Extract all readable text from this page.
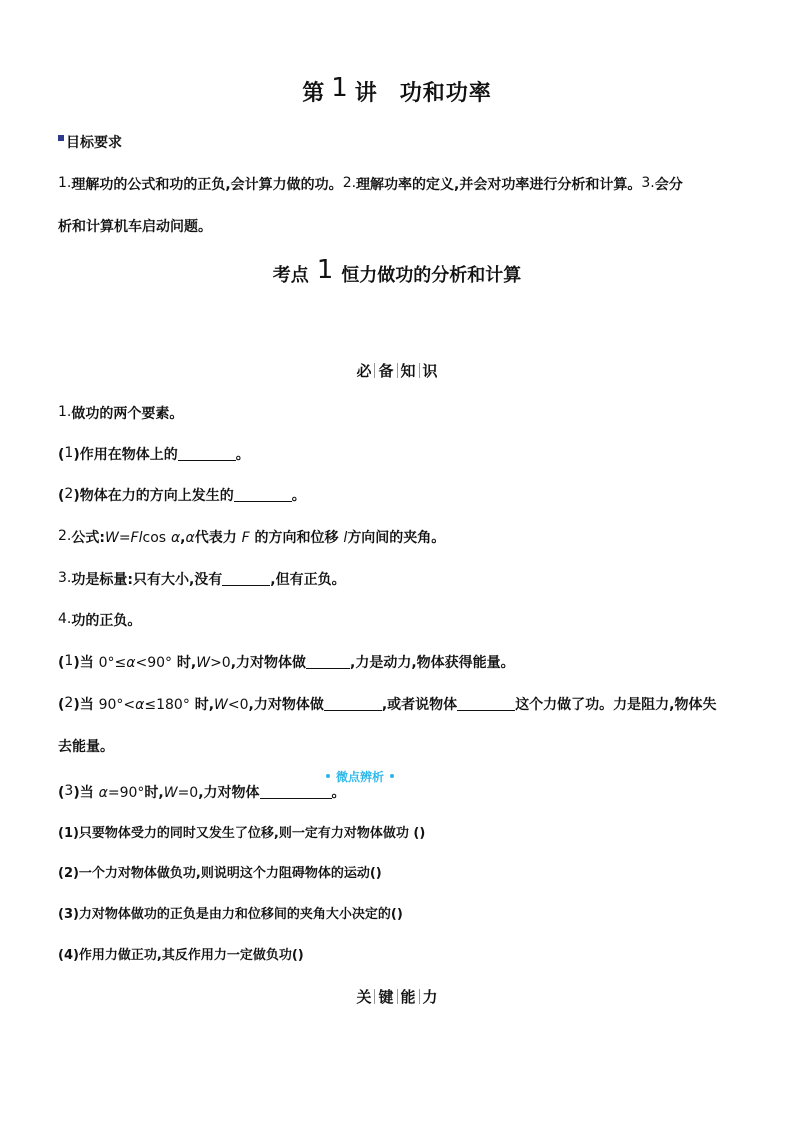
第 1 讲 功和功率
目标要求
1.理解功的公式和功的正负,会计算力做的功。2.理解功率的定义,并会对功率进行分析和计算。3.会分
析和计算机车启动问题。
考点 1 恒力做功的分析和计算
必 备 知 识
1.做功的两个要素。
(1)作用在物体上的	。
(2)物体在力的方向上发生的	。
2.公式:W=Flcos α,α代表力 F 的方向和位移 l方向间的夹角。
3.功是标量:只有大小,没有	,但有正负。
4.功的正负。
(1)当 0°≤α<90° 时,W>0,力对物体做	,力是动力,物体获得能量。
(2)当 90°<α≤180° 时,W<0,力对物体做	,或者说物体	这个力做了功。力是阻力,物体失
去能量。
微点辨析
(3)当 α=90°时,W=0,力对物体	。
(1)只要物体受力的同时又发生了位移,则一定有力对物体做功 ()
(2)一个力对物体做负功,则说明这个力阻碍物体的运动()
(3)力对物体做功的正负是由力和位移间的夹角大小决定的()
(4)作用力做正功,其反作用力一定做负功()
关 键 能 力
